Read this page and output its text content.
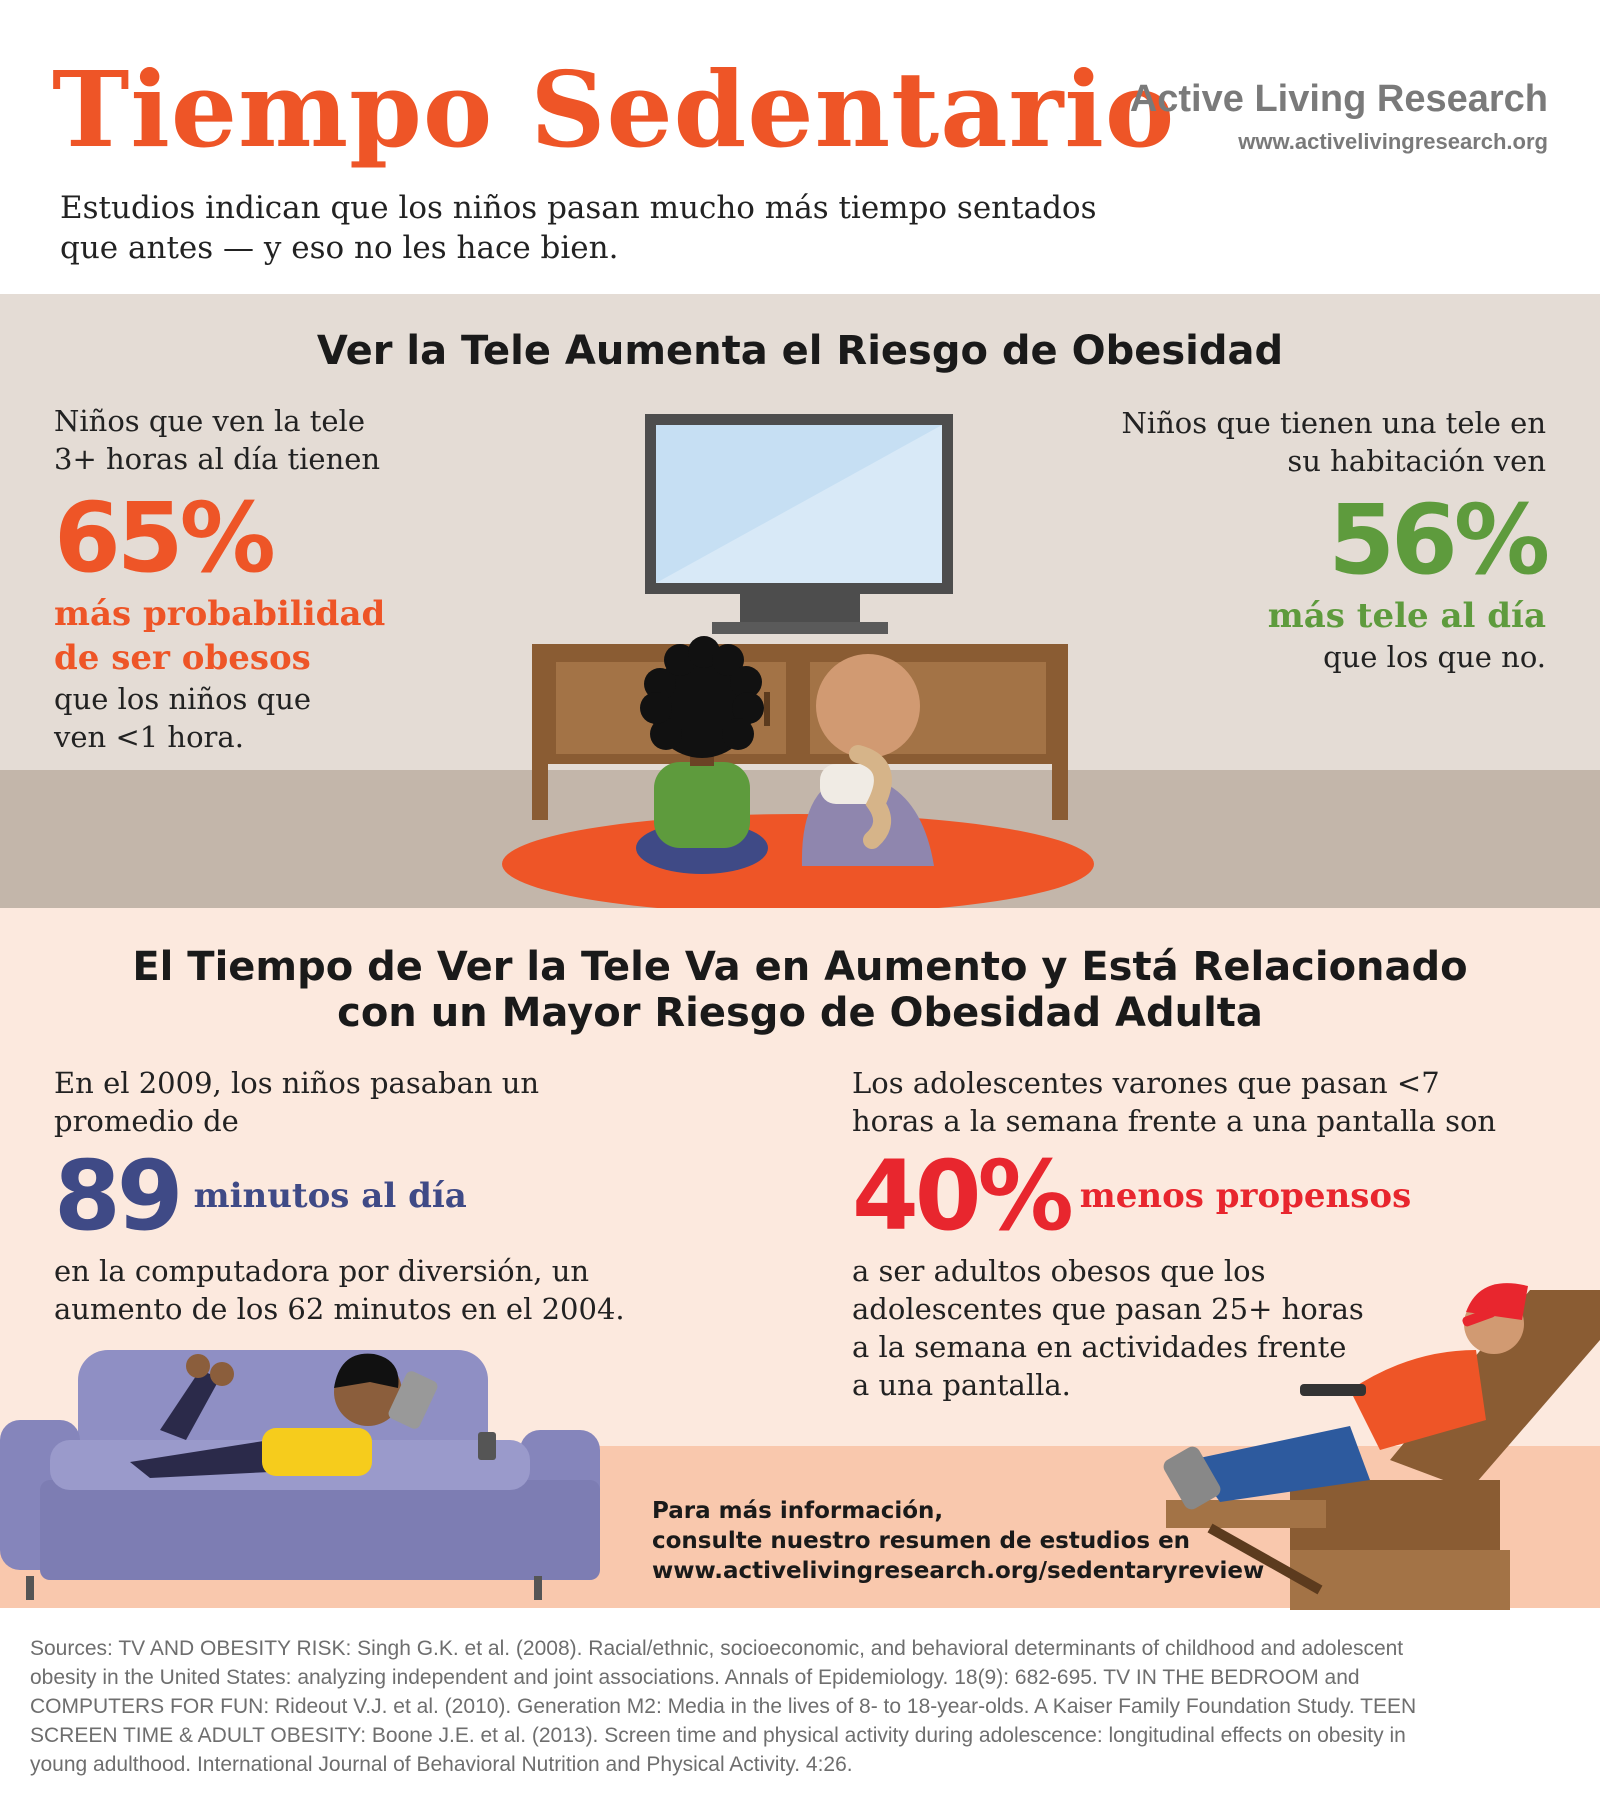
Tiempo Sedentario
Active Living Research
www.activelivingresearch.org
Estudios indican que los niños pasan mucho más tiempo sentados
que antes — y eso no les hace bien.
Ver la Tele Aumenta el Riesgo de Obesidad
Niños que ven la tele
3+ horas al día tienen
65%
más probabilidad
de ser obesos
que los niños que
ven <1 hora.
Niños que tienen una tele en
su habitación ven
56%
más tele al día
que los que no.
El Tiempo de Ver la Tele Va en Aumento y Está Relacionado
con un Mayor Riesgo de Obesidad Adulta
En el 2009, los niños pasaban un
promedio de
89 minutos al día
en la computadora por diversión, un
aumento de los 62 minutos en el 2004.
Los adolescentes varones que pasan <7
horas a la semana frente a una pantalla son
40% menos propensos
a ser adultos obesos que los
adolescentes que pasan 25+ horas
a la semana en actividades frente
a una pantalla.
Para más información,
consulte nuestro resumen de estudios en
www.activelivingresearch.org/sedentaryreview
Sources: TV AND OBESITY RISK: Singh G.K. et al. (2008). Racial/ethnic, socioeconomic, and behavioral determinants of childhood and adolescent
obesity in the United States: analyzing independent and joint associations. Annals of Epidemiology. 18(9): 682-695. TV IN THE BEDROOM and
COMPUTERS FOR FUN: Rideout V.J. et al. (2010). Generation M2: Media in the lives of 8- to 18-year-olds. A Kaiser Family Foundation Study. TEEN
SCREEN TIME & ADULT OBESITY: Boone J.E. et al. (2013). Screen time and physical activity during adolescence: longitudinal effects on obesity in
young adulthood. International Journal of Behavioral Nutrition and Physical Activity. 4:26.
